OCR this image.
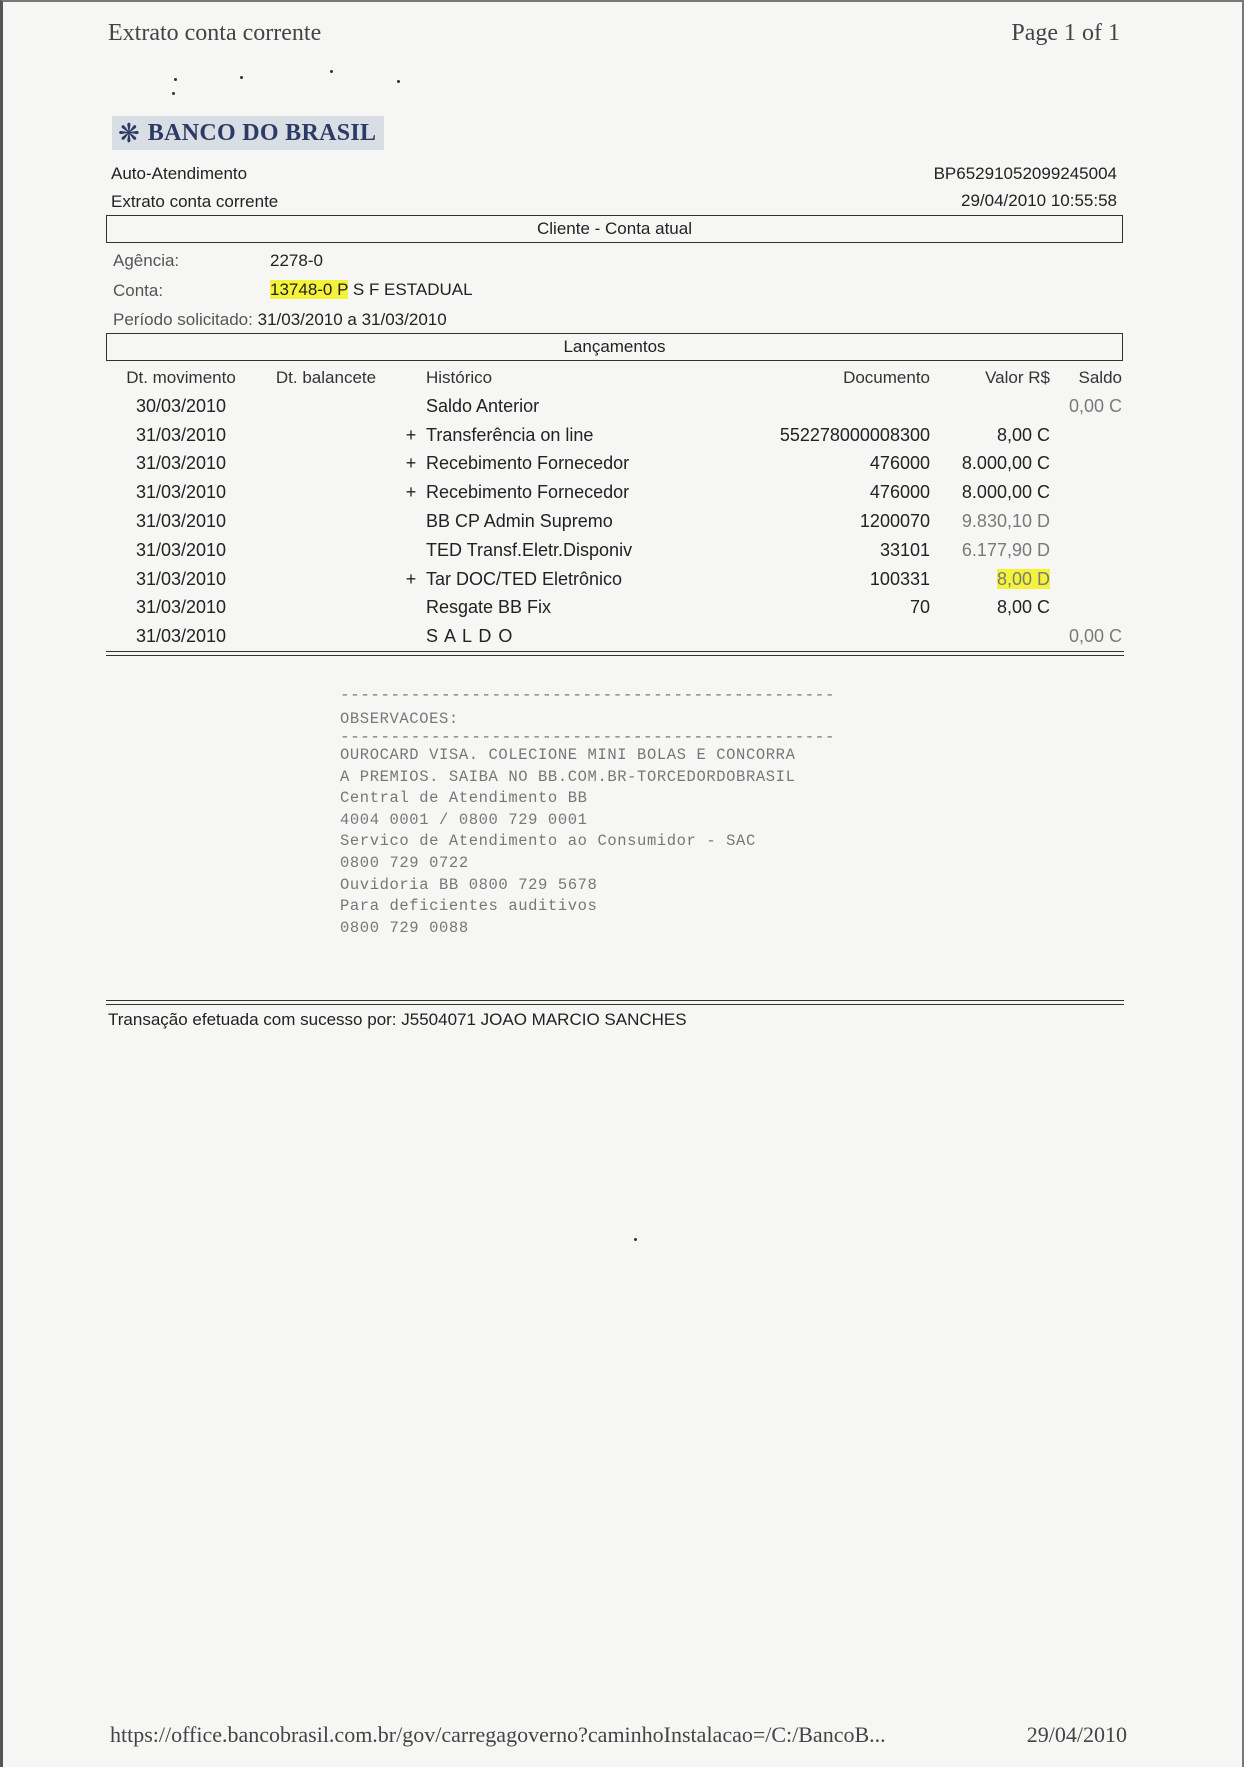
Extrato conta corrente	Page 1 of 1
❋ BANCO DO BRASIL
Auto-Atendimento
Extrato conta corrente
BP65291052099245004
29/04/2010 10:55:58
Cliente - Conta atual
Agência:	2278-0
Conta:	13748-0 P S F ESTADUAL
Período solicitado: 31/03/2010 a 31/03/2010
Lançamentos
Dt. movimento	Dt. balancete		Histórico	Documento	Valor R$	Saldo
30/03/2010			Saldo Anterior			0,00 C
31/03/2010		+	Transferência on line	552278000008300	8,00 C	
31/03/2010		+	Recebimento Fornecedor	476000	8.000,00 C	
31/03/2010		+	Recebimento Fornecedor	476000	8.000,00 C	
31/03/2010			BB CP Admin Supremo	1200070	9.830,10 D	
31/03/2010			TED Transf.Eletr.Disponiv	33101	6.177,90 D	
31/03/2010		+	Tar DOC/TED Eletrônico	100331	8,00 D	
31/03/2010			Resgate BB Fix	70	8,00 C	
31/03/2010			S A L D O			0,00 C
-------------------------------------------------
OBSERVACOES:
-------------------------------------------------
OUROCARD VISA. COLECIONE MINI BOLAS E CONCORRA
A PREMIOS. SAIBA NO BB.COM.BR-TORCEDORDOBRASIL
Central de Atendimento BB
4004 0001 / 0800 729 0001
Servico de Atendimento ao Consumidor - SAC
0800 729 0722
Ouvidoria BB 0800 729 5678
Para deficientes auditivos
0800 729 0088
Transação efetuada com sucesso por: J5504071 JOAO MARCIO SANCHES
https://office.bancobrasil.com.br/gov/carregagoverno?caminhoInstalacao=/C:/BancoB...	29/04/2010
